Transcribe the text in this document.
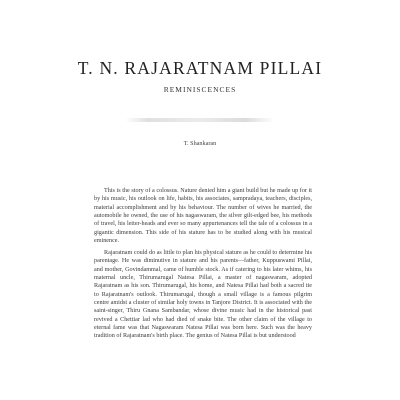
T. N. RAJARATNAM PILLAI
REMINISCENCES
T. Shankaran

This is the story of a colossus. Nature denied him a giant build but he made up for it by his music, his outlook on life, habits, his associates, sampradaya, teachers, disciples, material accomplishment and by his behaviour. The number of wives he married, the automobile he owned, the use of his nagaswaram, the silver gilt-edged bee, his methods of travel, his letter-heads and ever so many appurtenances tell the tale of a colossus in a gigantic dimension. This side of his stature has to be studied along with his musical eminence.

Rajaratnam could do as little to plan his physical stature as he could to determine his parentage. He was diminutive in stature and his parents—father, Kuppuswami Pillai, and mother, Govindammal, came of humble stock. As if catering to his later whims, his maternal uncle, Thirumarugal Natesa Pillai, a master of nagaswaram, adopted Rajaratnam as his son. Thirumarugal, his home, and Natesa Pillai had both a sacred tie to Rajaratnam's outlook. Thirumarugal, though a small village is a famous pilgrim centre amidst a cluster of similar holy towns in Tanjore District. It is associated with the saint-singer, Thiru Gnana Sambandar, whose divine music had in the historical past revived a Chettiar lad who had died of snake bite. The other claim of the village to eternal fame was that Nagaswaram Natesa Pillai was born here. Such was the heavy tradition of Rajaratnam's birth place. The genius of Natesa Pillai is but understood
